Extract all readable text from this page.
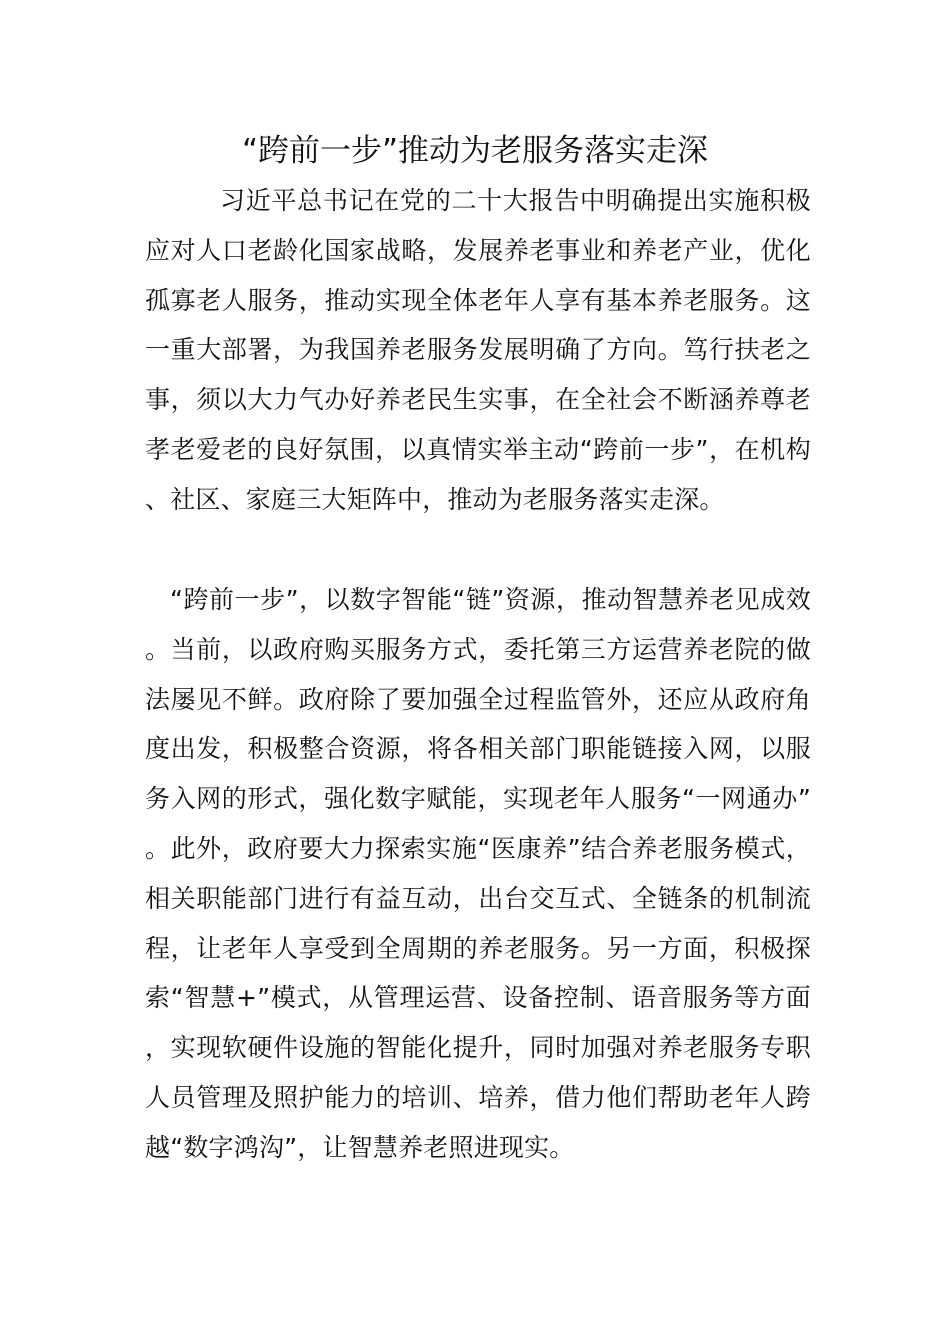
“跨前一步”推动为老服务落实走深

习近平总书记在党的二十大报告中明确提出实施积极应对人口老龄化国家战略，发展养老事业和养老产业，优化孤寡老人服务，推动实现全体老年人享有基本养老服务。这一重大部署，为我国养老服务发展明确了方向。笃行扶老之事，须以大力气办好养老民生实事，在全社会不断涵养尊老孝老爱老的良好氛围，以真情实举主动“跨前一步”，在机构、社区、家庭三大矩阵中，推动为老服务落实走深。

“跨前一步”，以数字智能“链”资源，推动智慧养老见成效。当前，以政府购买服务方式，委托第三方运营养老院的做法屡见不鲜。政府除了要加强全过程监管外，还应从政府角度出发，积极整合资源，将各相关部门职能链接入网，以服务入网的形式，强化数字赋能，实现老年人服务“一网通办”。此外，政府要大力探索实施“医康养”结合养老服务模式，相关职能部门进行有益互动，出台交互式、全链条的机制流程，让老年人享受到全周期的养老服务。另一方面，积极探索“智慧+”模式，从管理运营、设备控制、语音服务等方面，实现软硬件设施的智能化提升，同时加强对养老服务专职人员管理及照护能力的培训、培养，借力他们帮助老年人跨越“数字鸿沟”，让智慧养老照进现实。
